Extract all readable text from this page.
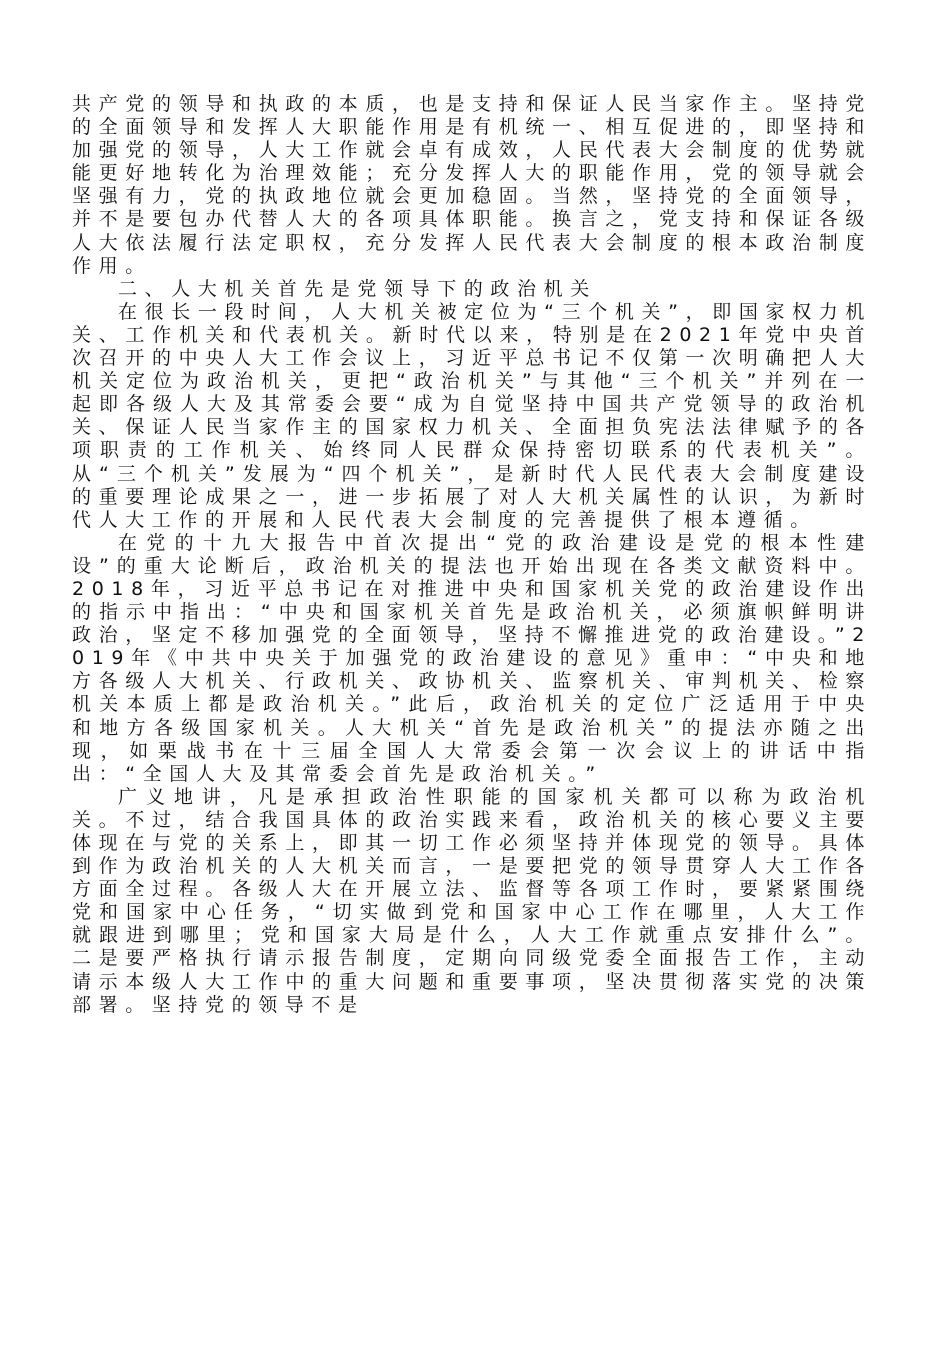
共产党的领导和执政的本质，也是支持和保证人民当家作主。坚持党的全面领导和发挥人大职能作用是有机统一、相互促进的，即坚持和加强党的领导，人大工作就会卓有成效，人民代表大会制度的优势就能更好地转化为治理效能；充分发挥人大的职能作用，党的领导就会坚强有力，党的执政地位就会更加稳固。当然，坚持党的全面领导，并不是要包办代替人大的各项具体职能。换言之，党支持和保证各级人大依法履行法定职权，充分发挥人民代表大会制度的根本政治制度作用。

二、人大机关首先是党领导下的政治机关

在很长一段时间，人大机关被定位为“三个机关”，即国家权力机关、工作机关和代表机关。新时代以来，特别是在2021年党中央首次召开的中央人大工作会议上，习近平总书记不仅第一次明确把人大机关定位为政治机关，更把“政治机关”与其他“三个机关”并列在一起即各级人大及其常委会要“成为自觉坚持中国共产党领导的政治机关、保证人民当家作主的国家权力机关、全面担负宪法法律赋予的各项职责的工作机关、始终同人民群众保持密切联系的代表机关”。从“三个机关”发展为“四个机关”，是新时代人民代表大会制度建设的重要理论成果之一，进一步拓展了对人大机关属性的认识，为新时代人大工作的开展和人民代表大会制度的完善提供了根本遵循。

在党的十九大报告中首次提出“党的政治建设是党的根本性建设”的重大论断后，政治机关的提法也开始出现在各类文献资料中。2018年，习近平总书记在对推进中央和国家机关党的政治建设作出的指示中指出：“中央和国家机关首先是政治机关，必须旗帜鲜明讲政治，坚定不移加强党的全面领导，坚持不懈推进党的政治建设。”2019年《中共中央关于加强党的政治建设的意见》重申：“中央和地方各级人大机关、行政机关、政协机关、监察机关、审判机关、检察机关本质上都是政治机关。”此后，政治机关的定位广泛适用于中央和地方各级国家机关。人大机关“首先是政治机关”的提法亦随之出现，如栗战书在十三届全国人大常委会第一次会议上的讲话中指出：“全国人大及其常委会首先是政治机关。”

广义地讲，凡是承担政治性职能的国家机关都可以称为政治机关。不过，结合我国具体的政治实践来看，政治机关的核心要义主要体现在与党的关系上，即其一切工作必须坚持并体现党的领导。具体到作为政治机关的人大机关而言，一是要把党的领导贯穿人大工作各方面全过程。各级人大在开展立法、监督等各项工作时，要紧紧围绕党和国家中心任务，“切实做到党和国家中心工作在哪里，人大工作就跟进到哪里；党和国家大局是什么，人大工作就重点安排什么”。二是要严格执行请示报告制度，定期向同级党委全面报告工作，主动请示本级人大工作中的重大问题和重要事项，坚决贯彻落实党的决策部署。坚持党的领导不是
